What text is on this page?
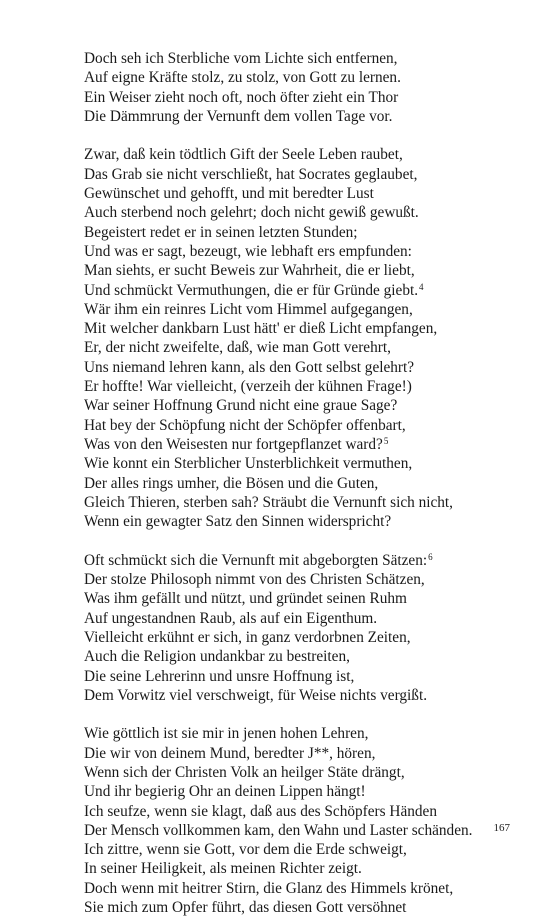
Doch seh ich Sterbliche vom Lichte sich entfernen,
Auf eigne Kräfte stolz, zu stolz, von Gott zu lernen.
Ein Weiser zieht noch oft, noch öfter zieht ein Thor
Die Dämmrung der Vernunft dem vollen Tage vor.
Zwar, daß kein tödtlich Gift der Seele Leben raubet,
Das Grab sie nicht verschließt, hat Socrates geglaubet,
Gewünschet und gehofft, und mit beredter Lust
Auch sterbend noch gelehrt; doch nicht gewiß gewußt.
Begeistert redet er in seinen letzten Stunden;
Und was er sagt, bezeugt, wie lebhaft ers empfunden:
Man siehts, er sucht Beweis zur Wahrheit, die er liebt,
Und schmückt Vermuthungen, die er für Gründe giebt.$^4$
Wär ihm ein reinres Licht vom Himmel aufgegangen,
Mit welcher dankbarn Lust hätt' er dieß Licht empfangen,
Er, der nicht zweifelte, daß, wie man Gott verehrt,
Uns niemand lehren kann, als den Gott selbst gelehrt?
Er hoffte! War vielleicht, (verzeih der kühnen Frage!)
War seiner Hoffnung Grund nicht eine graue Sage?
Hat bey der Schöpfung nicht der Schöpfer offenbart,
Was von den Weisesten nur fortgepflanzet ward?$^5$
Wie konnt ein Sterblicher Unsterblichkeit vermuthen,
Der alles rings umher, die Bösen und die Guten,
Gleich Thieren, sterben sah? Sträubt die Vernunft sich nicht,
Wenn ein gewagter Satz den Sinnen widerspricht?
Oft schmückt sich die Vernunft mit abgeborgten Sätzen:$^6$
Der stolze Philosoph nimmt von des Christen Schätzen,
Was ihm gefällt und nützt, und gründet seinen Ruhm
Auf ungestandnen Raub, als auf ein Eigenthum.
Vielleicht erkühnt er sich, in ganz verdorbnen Zeiten,
Auch die Religion undankbar zu bestreiten,
Die seine Lehrerinn und unsre Hoffnung ist,
Dem Vorwitz viel verschweigt, für Weise nichts vergißt.
Wie göttlich ist sie mir in jenen hohen Lehren,
Die wir von deinem Mund, beredter J**, hören,
Wenn sich der Christen Volk an heilger Stäte drängt,
Und ihr begierig Ohr an deinen Lippen hängt!
Ich seufze, wenn sie klagt, daß aus des Schöpfers Händen
Der Mensch vollkommen kam, den Wahn und Laster schänden.
Ich zittre, wenn sie Gott, vor dem die Erde schweigt,
In seiner Heiligkeit, als meinen Richter zeigt.
Doch wenn mit heitrer Stirn, die Glanz des Himmels krönet,
Sie mich zum Opfer führt, das diesen Gott versöhnet
167
